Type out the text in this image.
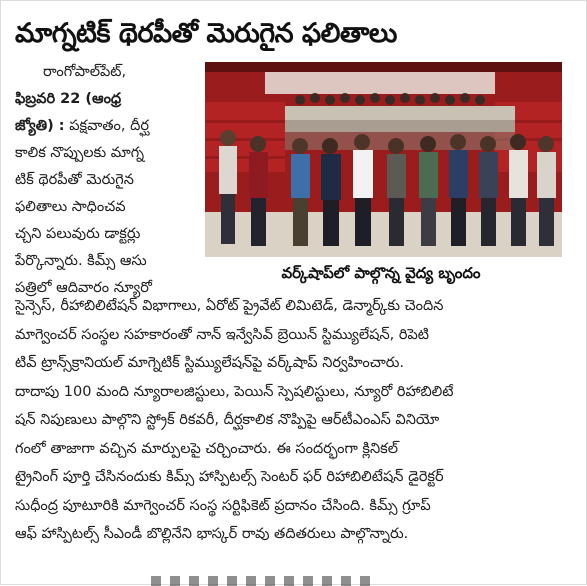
మాగ్నటిక్ థెరపీతో మెరుగైన ఫలితాలు
రాంగోపాల్‌పేట్,
ఫిబ్రవరి 22 (ఆంధ్ర
జ్యోతి) : పక్షవాతం, దీర్ఘ
కాలిక నొప్పులకు మాగ్న
టిక్ థెరపీతో మెరుగైన
ఫలితాలు సాధించవ
చ్చని పలువురు డాక్టర్లు
పేర్కొన్నారు. కిమ్స్ ఆసు
పత్రిలో ఆదివారం న్యూరో
వర్క్‌షాప్‌లో పాల్గొన్న వైద్య బృందం
సైన్సెస్, రీహాబిలిటేషన్ విభాగాలు, ఏరోట్ ప్రైవేట్ లిమిటెడ్, డెన్మార్క్‌కు చెందిన
మాగ్వెంచర్ సంస్థల సహకారంతో నాన్ ఇన్వేసివ్ బ్రెయిన్ స్టిమ్యులేషన్, రిపెటి
టివ్ ట్రాన్స్‌క్రానియల్ మాగ్నెటిక్ స్టిమ్యులేషన్‌పై వర్క్‌షాప్ నిర్వహించారు.
దాదాపు 100 మంది న్యూరాలజిస్టులు, పెయిన్ స్పెషలిస్టులు, న్యూరో రిహాబిలిటే
షన్ నిపుణులు పాల్గొని స్ట్రోక్ రికవరీ, దీర్ఘకాలిక నొప్పిపై ఆర్‌టీఎంఎస్ వినియో
గంలో తాజాగా వచ్చిన మార్పులపై చర్చించారు. ఈ సందర్భంగా క్లినికల్
ట్రైనింగ్ పూర్తి చేసినందుకు కిమ్స్ హాస్పిటల్స్ సెంటర్ ఫర్ రిహాబిలిటేషన్ డైరెక్టర్
సుధీంద్ర పూటూరికి మాగ్వెంచర్ సంస్థ సర్టిఫికెట్ ప్రదానం చేసింది. కిమ్స్ గ్రూప్
ఆఫ్ హాస్పిటల్స్ సీఎండీ బొల్లినేని భాస్కర్ రావు తదితరులు పాల్గొన్నారు.
